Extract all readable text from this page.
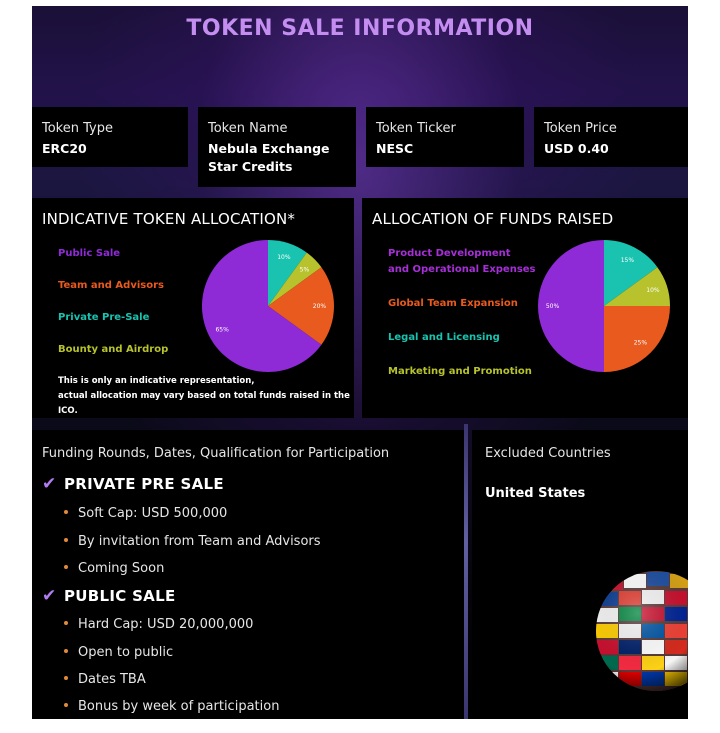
TOKEN SALE INFORMATION
Token Type
ERC20
Token Name
Nebula Exchange Star Credits
Token Ticker
NESC
Token Price
USD 0.40
INDICATIVE TOKEN ALLOCATION*
Public Sale
Team and Advisors
Private Pre-Sale
Bounty and Airdrop
This is only an indicative representation,
actual allocation may vary based on total funds raised in the ICO.
10%
5%
20%
65%
ALLOCATION OF FUNDS RAISED
Product Development
and Operational Expenses
Global Team Expansion
Legal and Licensing
Marketing and Promotion
15%
10%
25%
50%
Funding Rounds, Dates, Qualification for Participation
✔ PRIVATE PRE SALE
Soft Cap: USD 500,000
By invitation from Team and Advisors
Coming Soon
✔ PUBLIC SALE
Hard Cap: USD 20,000,000
Open to public
Dates TBA
Bonus by week of participation
Excluded Countries
United States
